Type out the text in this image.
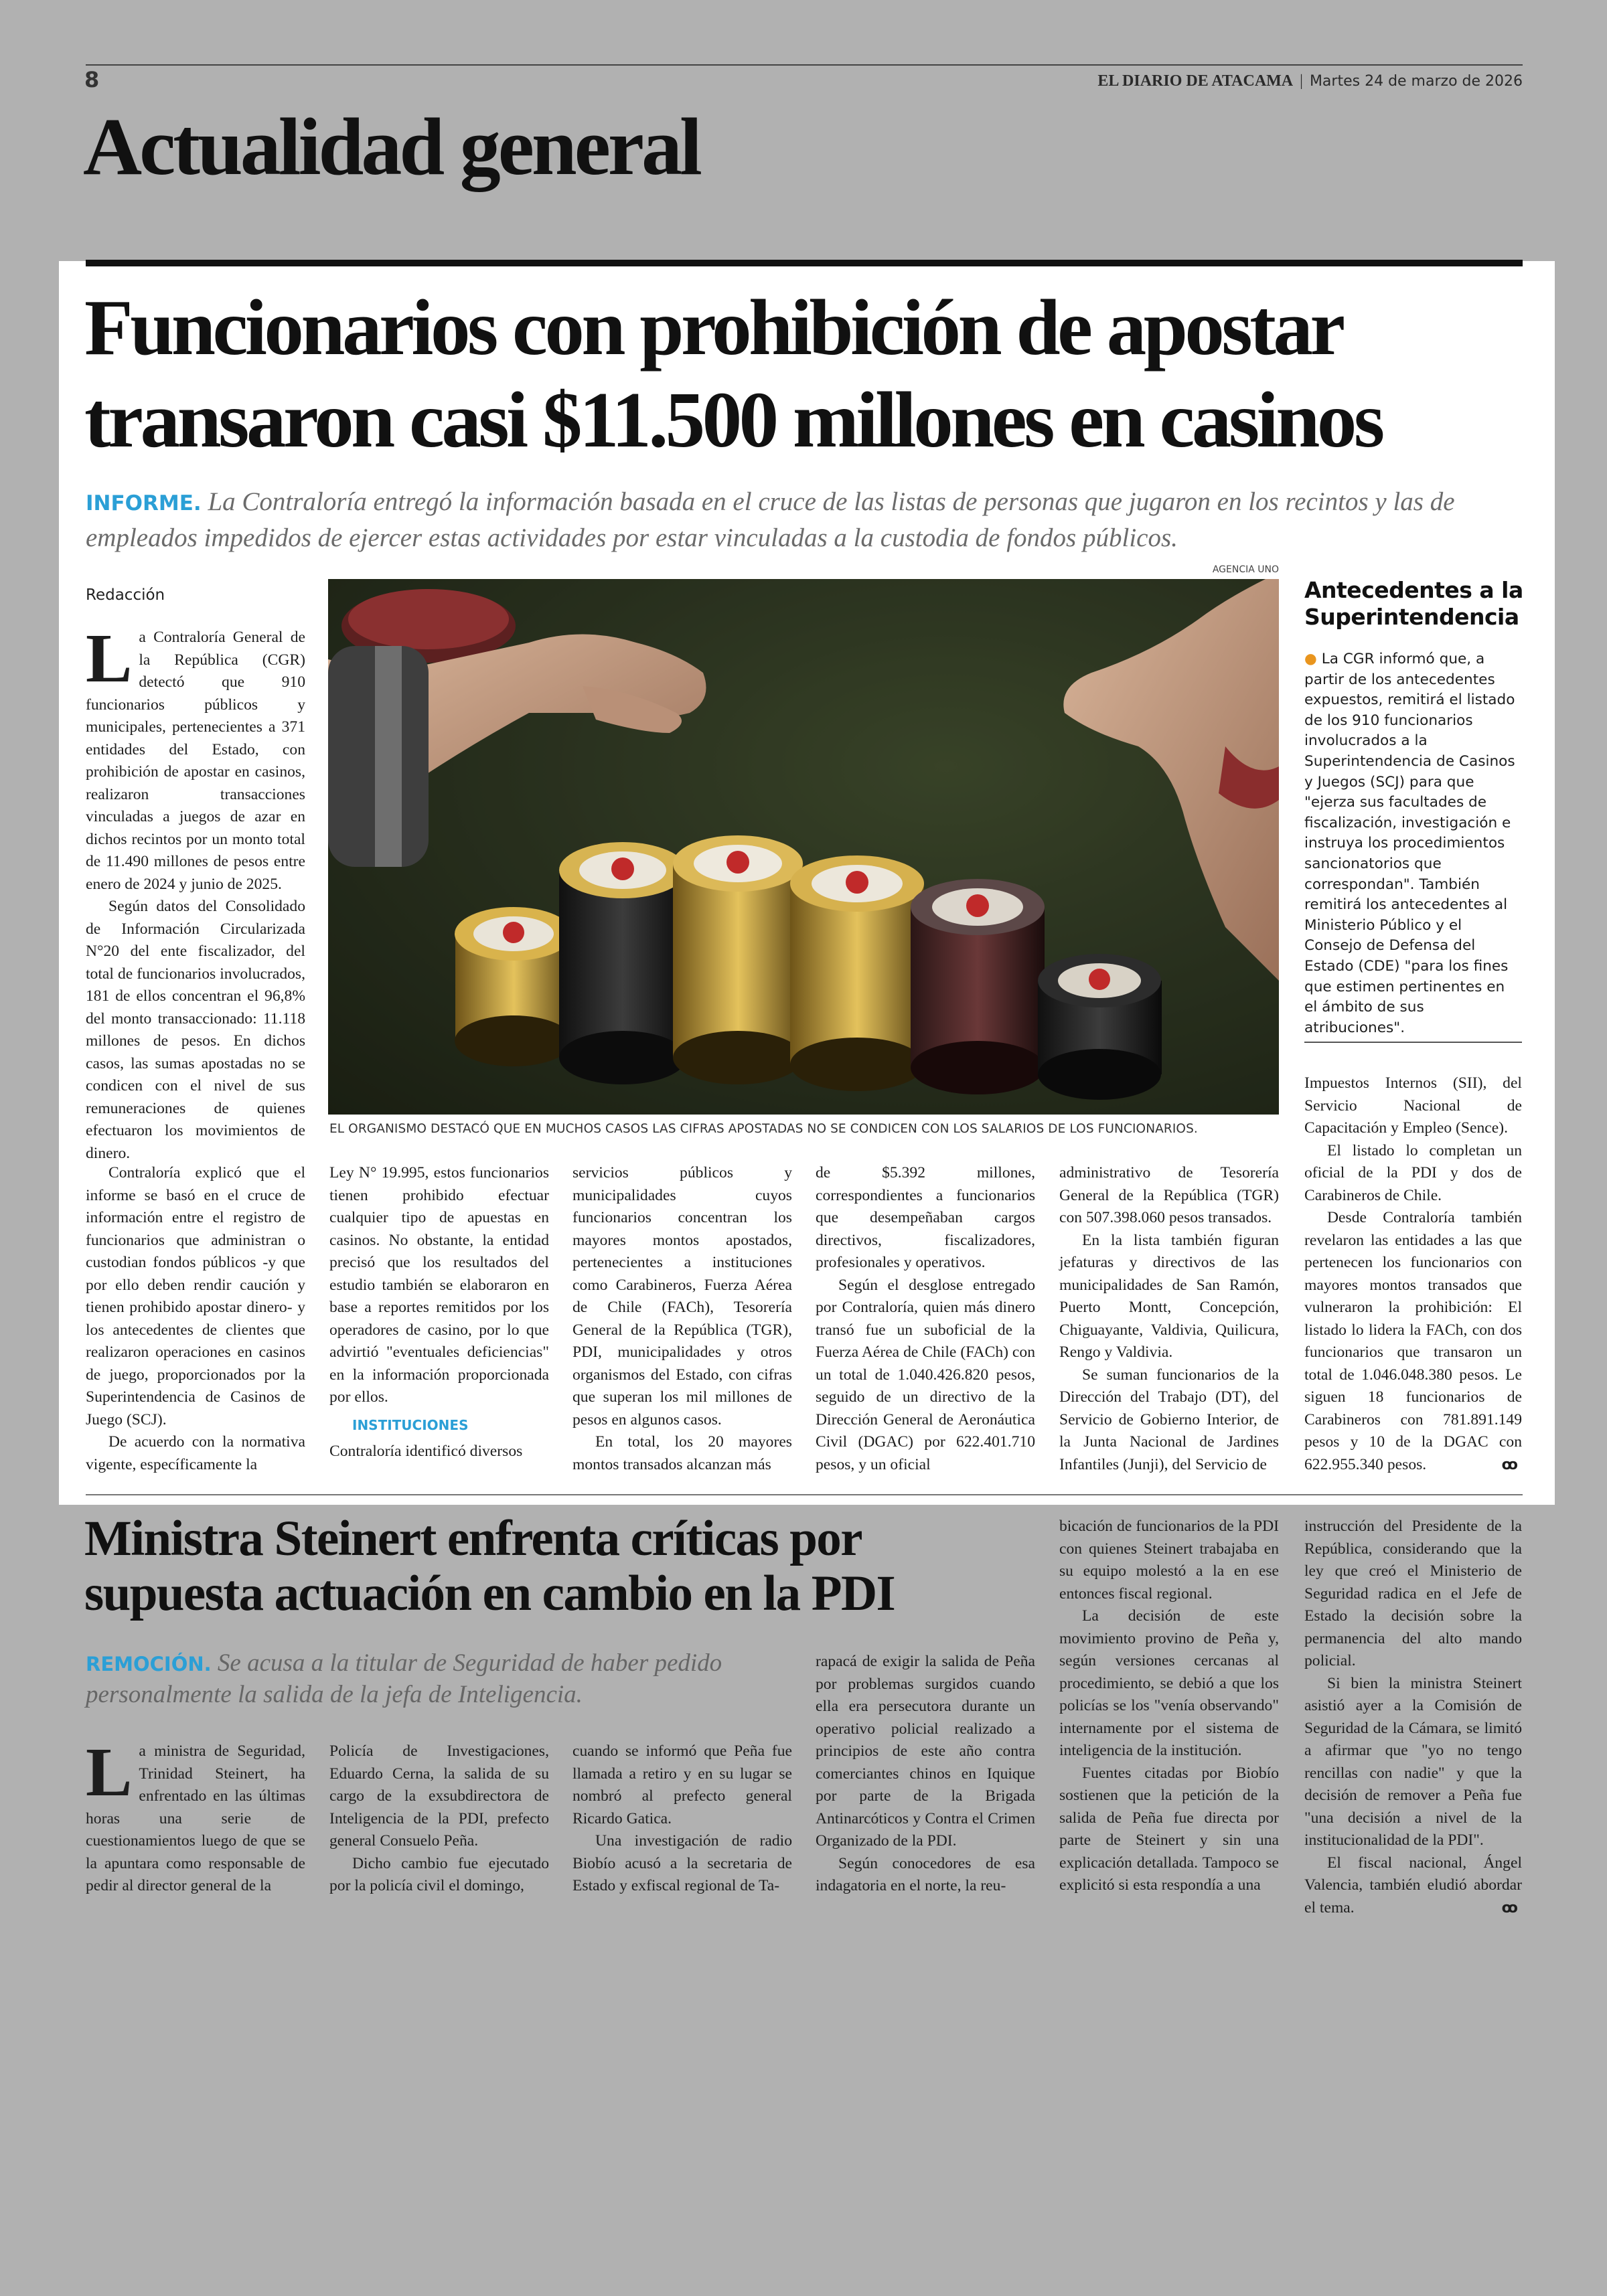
8	EL DIARIO DE ATACAMA | Martes 24 de marzo de 2026
Actualidad general
Funcionarios con prohibición de apostar
transaron casi $11.500 millones en casinos
INFORME. La Contraloría entregó la información basada en el cruce de las listas de personas que jugaron en los recintos y las de empleados impedidos de ejercer estas actividades por estar vinculadas a la custodia de fondos públicos.
AGENCIA UNO
Redacción
EL ORGANISMO DESTACÓ QUE EN MUCHOS CASOS LAS CIFRAS APOSTADAS NO SE CONDICEN CON LOS SALARIOS DE LOS FUNCIONARIOS.
Antecedentes a la Superintendencia
● La CGR informó que, a partir de los antecedentes expuestos, remitirá el listado de los 910 funcionarios involucrados a la Superintendencia de Casinos y Juegos (SCJ) para que "ejerza sus facultades de fiscalización, investigación e instruya los procedimientos sancionatorios que correspondan". También remitirá los antecedentes al Ministerio Público y el Consejo de Defensa del Estado (CDE) "para los fines que estimen pertinentes en el ámbito de sus atribuciones".
L a Contraloría General de la República (CGR) detectó que 910 funcionarios públicos y municipales, pertenecientes a 371 entidades del Estado, con prohibición de apostar en casinos, realizaron transacciones vinculadas a juegos de azar en dichos recintos por un monto total de 11.490 millones de pesos entre enero de 2024 y junio de 2025.

Según datos del Consolidado de Información Circularizada N°20 del ente fiscalizador, del total de funcionarios involucrados, 181 de ellos concentran el 96,8% del monto transaccionado: 11.118 millones de pesos. En dichos casos, las sumas apostadas no se condicen con el nivel de sus remuneraciones de quienes efectuaron los movimientos de dinero.

Contraloría explicó que el informe se basó en el cruce de información entre el registro de funcionarios que administran o custodian fondos públicos -y que por ello deben rendir caución y tienen prohibido apostar dinero- y los antecedentes de clientes que realizaron operaciones en casinos de juego, proporcionados por la Superintendencia de Casinos de Juego (SCJ).

De acuerdo con la normativa vigente, específicamente la

Ley N° 19.995, estos funcionarios tienen prohibido efectuar cualquier tipo de apuestas en casinos. No obstante, la entidad precisó que los resultados del estudio también se elaboraron en base a reportes remitidos por los operadores de casino, por lo que advirtió "eventuales deficiencias" en la información proporcionada por ellos.

INSTITUCIONES

Contraloría identificó diversos

servicios públicos y municipalidades cuyos funcionarios concentran los mayores montos apostados, pertenecientes a instituciones como Carabineros, Fuerza Aérea de Chile (FACh), Tesorería General de la República (TGR), PDI, municipalidades y otros organismos del Estado, con cifras que superan los mil millones de pesos en algunos casos.

En total, los 20 mayores montos transados alcanzan más

de $5.392 millones, correspondientes a funcionarios que desempeñaban cargos directivos, fiscalizadores, profesionales y operativos.

Según el desglose entregado por Contraloría, quien más dinero transó fue un suboficial de la Fuerza Aérea de Chile (FACh) con un total de 1.040.426.820 pesos, seguido de un directivo de la Dirección General de Aeronáutica Civil (DGAC) por 622.401.710 pesos, y un oficial

administrativo de Tesorería General de la República (TGR) con 507.398.060 pesos transados.

En la lista también figuran jefaturas y directivos de las municipalidades de San Ramón, Puerto Montt, Concepción, Chiguayante, Valdivia, Quilicura, Rengo y Valdivia.

Se suman funcionarios de la Dirección del Trabajo (DT), del Servicio de Gobierno Interior, de la Junta Nacional de Jardines Infantiles (Junji), del Servicio de

Impuestos Internos (SII), del Servicio Nacional de Capacitación y Empleo (Sence).

El listado lo completan un oficial de la PDI y dos de Carabineros de Chile.

Desde Contraloría también revelaron las entidades a las que pertenecen los funcionarios con mayores montos transados que vulneraron la prohibición: El listado lo lidera la FACh, con dos funcionarios que transaron un total de 1.046.048.380 pesos. Le siguen 18 funcionarios de Carabineros con 781.891.149 pesos y 10 de la DGAC con 622.955.340 pesos.	ꝏ

Ministra Steinert enfrenta críticas por
supuesta actuación en cambio en la PDI
REMOCIÓN. Se acusa a la titular de Seguridad de haber pedido personalmente la salida de la jefa de Inteligencia.
L a ministra de Seguridad, Trinidad Steinert, ha enfrentado en las últimas horas una serie de cuestionamientos luego de que se la apuntara como responsable de pedir al director general de la

Policía de Investigaciones, Eduardo Cerna, la salida de su cargo de la exsubdirectora de Inteligencia de la PDI, prefecto general Consuelo Peña.

Dicho cambio fue ejecutado por la policía civil el domingo,

cuando se informó que Peña fue llamada a retiro y en su lugar se nombró al prefecto general Ricardo Gatica.

Una investigación de radio Biobío acusó a la secretaria de Estado y exfiscal regional de Ta-

rapacá de exigir la salida de Peña por problemas surgidos cuando ella era persecutora durante un operativo policial realizado a principios de este año contra comerciantes chinos en Iquique por parte de la Brigada Antinarcóticos y Contra el Crimen Organizado de la PDI.

Según conocedores de esa indagatoria en el norte, la reu-

bicación de funcionarios de la PDI con quienes Steinert trabajaba en su equipo molestó a la en ese entonces fiscal regional.

La decisión de este movimiento provino de Peña y, según versiones cercanas al procedimiento, se debió a que los policías se los "venía observando" internamente por el sistema de inteligencia de la institución.

Fuentes citadas por Biobío sostienen que la petición de la salida de Peña fue directa por parte de Steinert y sin una explicación detallada. Tampoco se explicitó si esta respondía a una

instrucción del Presidente de la República, considerando que la ley que creó el Ministerio de Seguridad radica en el Jefe de Estado la decisión sobre la permanencia del alto mando policial.

Si bien la ministra Steinert asistió ayer a la Comisión de Seguridad de la Cámara, se limitó a afirmar que "yo no tengo rencillas con nadie" y que la decisión de remover a Peña fue "una decisión a nivel de la institucionalidad de la PDI".

El fiscal nacional, Ángel Valencia, también eludió abordar el tema.	ꝏ
